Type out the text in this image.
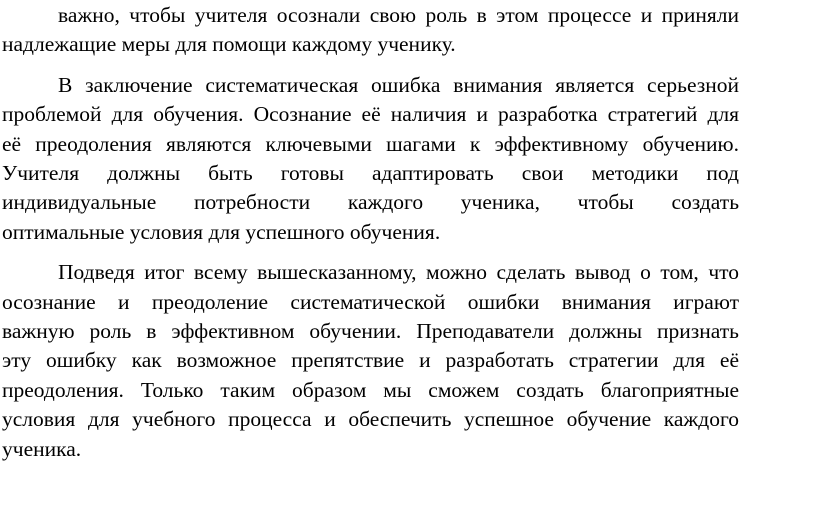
важно, чтобы учителя осознали свою роль в этом процессе и приняли
надлежащие меры для помощи каждому ученику.
В заключение систематическая ошибка внимания является серьезной
проблемой для обучения. Осознание её наличия и разработка стратегий для
её преодоления являются ключевыми шагами к эффективному обучению.
Учителя должны быть готовы адаптировать свои методики под
индивидуальные потребности каждого ученика, чтобы создать
оптимальные условия для успешного обучения.
Подведя итог всему вышесказанному, можно сделать вывод о том, что
осознание и преодоление систематической ошибки внимания играют
важную роль в эффективном обучении. Преподаватели должны признать
эту ошибку как возможное препятствие и разработать стратегии для её
преодоления. Только таким образом мы сможем создать благоприятные
условия для учебного процесса и обеспечить успешное обучение каждого
ученика.
